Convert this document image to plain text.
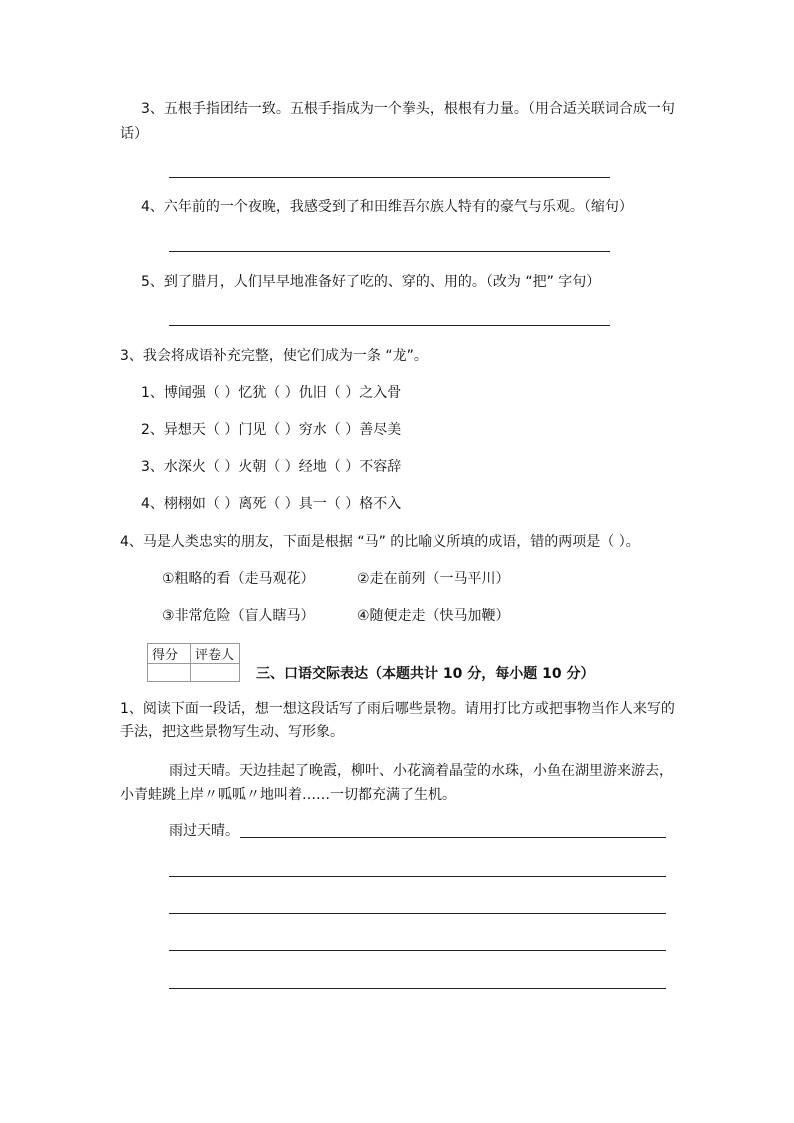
3、五根手指团结一致。五根手指成为一个拳头，根根有力量。（用合适关联词合成一句
话）
4、六年前的一个夜晚，我感受到了和田维吾尔族人特有的豪气与乐观。（缩句）
5、到了腊月，人们早早地准备好了吃的、穿的、用的。（改为 “把” 字句）
3、我会将成语补充完整，使它们成为一条 “龙”。
1、博闻强（ ）忆犹（ ）仇旧（ ）之入骨
2、异想天（ ）门见（ ）穷水（ ）善尽美
3、水深火（ ）火朝（ ）经地（ ）不容辞
4、栩栩如（ ）离死（ ）具一（ ）格不入
4、马是人类忠实的朋友，下面是根据 “马” 的比喻义所填的成语，错的两项是（ ）。
①粗略的看（走马观花）	②走在前列（一马平川）
③非常危险（盲人瞎马）	④随便走走（快马加鞭）
得分	评卷人

三、口语交际表达（本题共计 10 分，每小题 10 分）
1、阅读下面一段话，想一想这段话写了雨后哪些景物。请用打比方或把事物当作人来写的
手法，把这些景物写生动、写形象。
雨过天晴。天边挂起了晚霞，柳叶、小花滴着晶莹的水珠，小鱼在湖里游来游去，
小青蛙跳上岸〃呱呱〃地叫着……一切都充满了生机。
雨过天晴。
